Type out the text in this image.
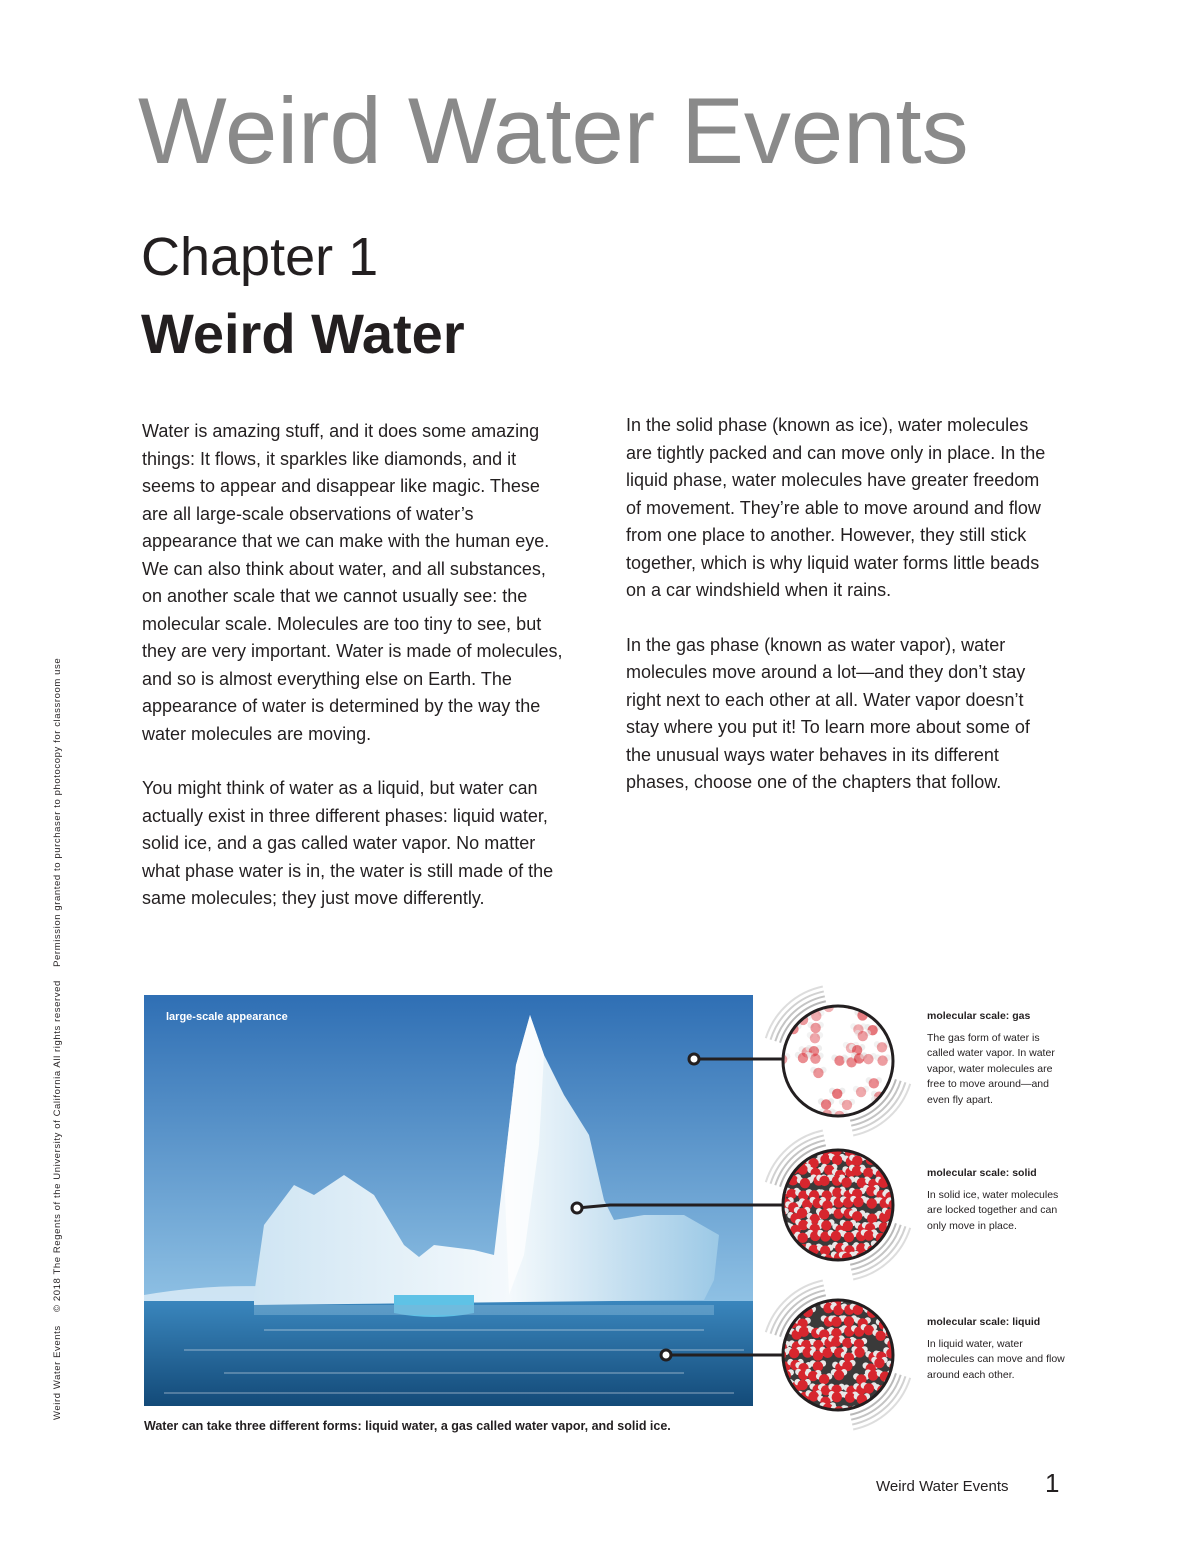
Weird Water Events
Chapter 1
Weird Water

Water is amazing stuff, and it does some amazing things: It flows, it sparkles like diamonds, and it seems to appear and disappear like magic. These are all large-scale observations of water’s appearance that we can make with the human eye. We can also think about water, and all substances, on another scale that we cannot usually see: the molecular scale. Molecules are too tiny to see, but they are very important. Water is made of molecules, and so is almost everything else on Earth. The appearance of water is determined by the way the water molecules are moving.

You might think of water as a liquid, but water can actually exist in three different phases: liquid water, solid ice, and a gas called water vapor. No matter what phase water is in, the water is still made of the same molecules; they just move differently.

In the solid phase (known as ice), water molecules are tightly packed and can move only in place. In the liquid phase, water molecules have greater freedom of movement. They’re able to move around and flow from one place to another. However, they still stick together, which is why liquid water forms little beads on a car windshield when it rains.

In the gas phase (known as water vapor), water molecules move around a lot—and they don’t stay right next to each other at all. Water vapor doesn’t stay where you put it! To learn more about some of the unusual ways water behaves in its different phases, choose one of the chapters that follow.

Weird Water Events © 2018 The Regents of the University of California All rights reserved Permission granted to purchaser to photocopy for classroom use
large-scale appearance	molecular scale: gas
The gas form of water is called water vapor. In water vapor, water molecules are free to move around—and even fly apart.
molecular scale: solid
In solid ice, water molecules are locked together and can only move in place.
molecular scale: liquid
In liquid water, water molecules can move and flow around each other.
Water can take three different forms: liquid water, a gas called water vapor, and solid ice.
Weird Water Events 1
